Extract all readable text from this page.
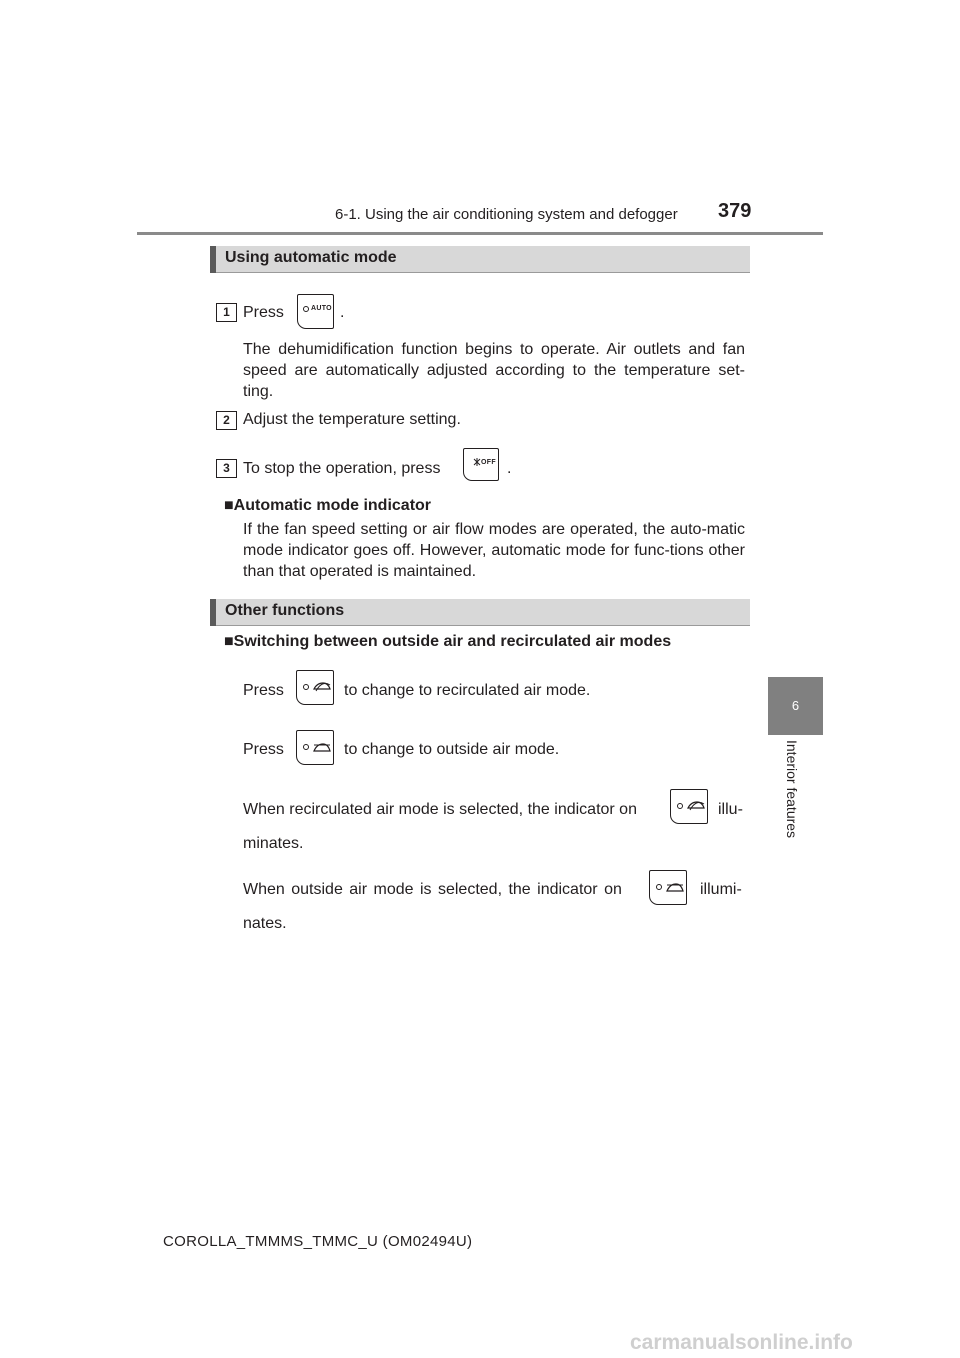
6-1. Using the air conditioning system and defogger 379
6
Interior features
Using automatic mode
1 Press	AUTO .
The dehumidification function begins to operate. Air outlets and fan speed are automatically adjusted according to the temperature set-ting.
2 Adjust the temperature setting.
3 To stop the operation, press	OFF .
■Automatic mode indicator
If the fan speed setting or air flow modes are operated, the auto-matic mode indicator goes off. However, automatic mode for func-tions other than that operated is maintained.
Other functions
■Switching between outside air and recirculated air modes
Press	to change to recirculated air mode.
Press	to change to outside air mode.
When recirculated air mode is selected, the indicator on	illu-
minates.
When outside air mode is selected, the indicator on	illumi-
nates.
COROLLA_TMMMS_TMMC_U (OM02494U)
carmanualsonline.info
